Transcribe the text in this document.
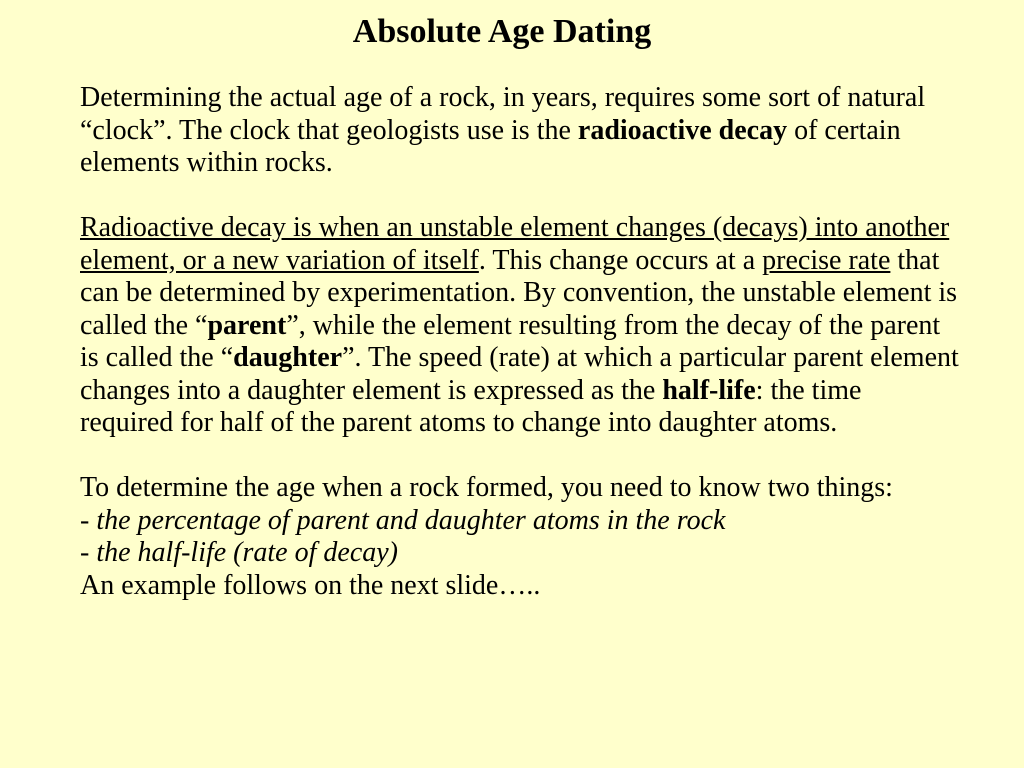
Absolute Age Dating

Determining the actual age of a rock, in years, requires some sort of natural “clock”. The clock that geologists use is the radioactive decay of certain elements within rocks.

Radioactive decay is when an unstable element changes (decays) into another element, or a new variation of itself. This change occurs at a precise rate that can be determined by experimentation. By convention, the unstable element is called the “parent”, while the element resulting from the decay of the parent is called the “daughter”. The speed (rate) at which a particular parent element changes into a daughter element is expressed as the half-life: the time required for half of the parent atoms to change into daughter atoms.

To determine the age when a rock formed, you need to know two things:
- the percentage of parent and daughter atoms in the rock
- the half-life (rate of decay)
An example follows on the next slide…..
